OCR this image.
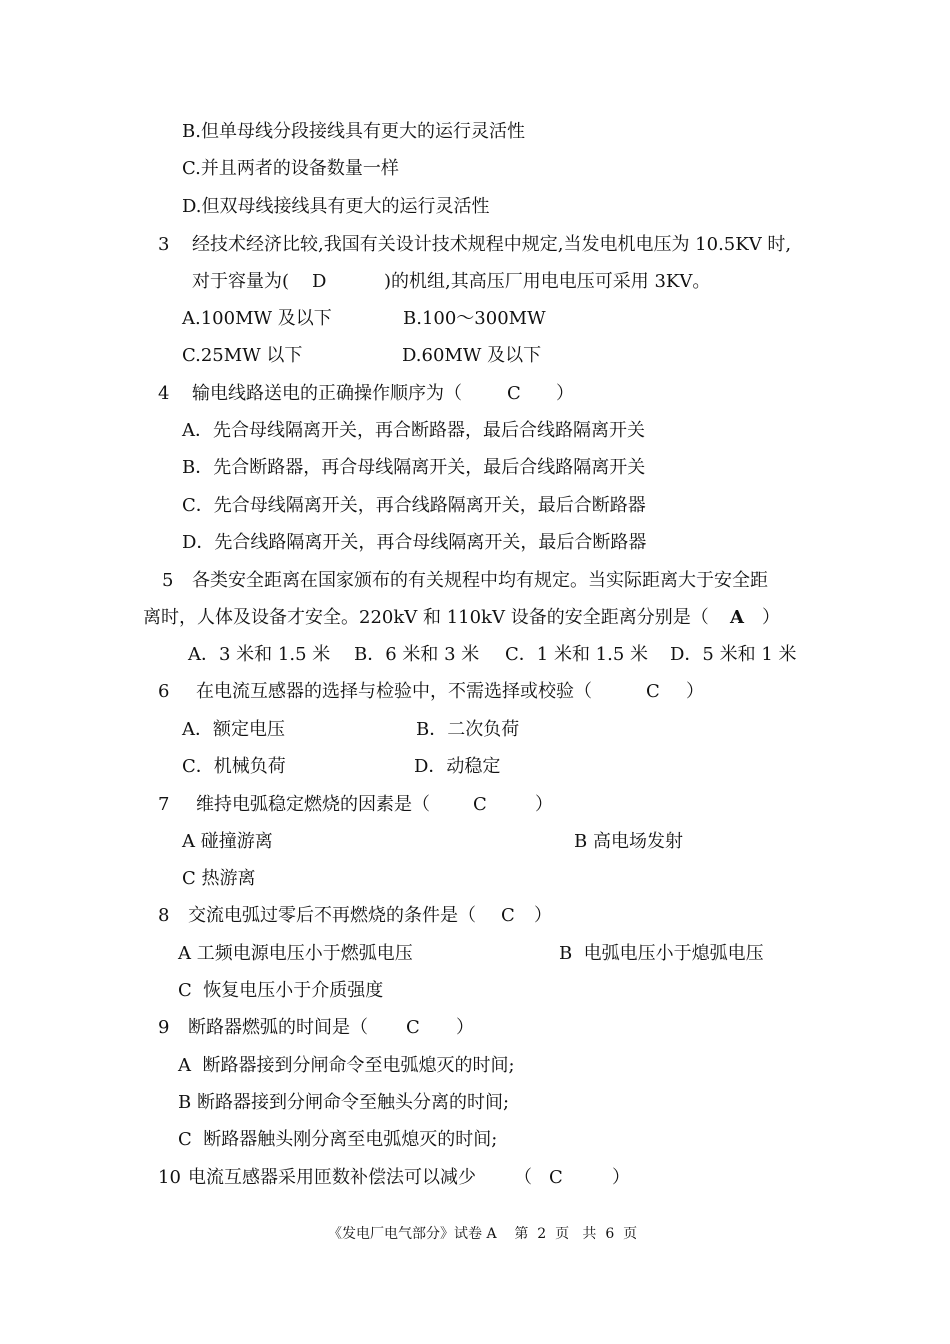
B.但单母线分段接线具有更大的运行灵活性
C.并且两者的设备数量一样
D.但双母线接线具有更大的运行灵活性
3 经技术经济比较,我国有关设计技术规程中规定,当发电机电压为 10.5KV 时,
对于容量为( D	)的机组,其高压厂用电电压可采用 3KV。
A.100MW 及以下	B.100～300MW
C.25MW 以下	D.60MW 及以下
4 输电线路送电的正确操作顺序为（	C ）
A．先合母线隔离开关，再合断路器，最后合线路隔离开关
B．先合断路器，再合母线隔离开关，最后合线路隔离开关
C．先合母线隔离开关，再合线路隔离开关，最后合断路器
D．先合线路隔离开关，再合母线隔离开关，最后合断路器
5 各类安全距离在国家颁布的有关规程中均有规定。当实际距离大于安全距
离时，人体及设备才安全。220kV 和 110kV 设备的安全距离分别是（ A ）
A．3 米和 1.5 米 B．6 米和 3 米 C．1 米和 1.5 米 D．5 米和 1 米
6 在电流互感器的选择与检验中，不需选择或校验（	C ）
A．额定电压	B．二次负荷
C．机械负荷	D．动稳定
7 维持电弧稳定燃烧的因素是（ C	）
A 碰撞游离	B 高电场发射
C 热游离
8 交流电弧过零后不再燃烧的条件是（ C ）
A 工频电源电压小于燃弧电压	B  电弧电压小于熄弧电压
C  恢复电压小于介质强度
9 断路器燃弧的时间是（ C ）
A  断路器接到分闸命令至电弧熄灭的时间;
B 断路器接到分闸命令至触头分离的时间;
C  断路器触头刚分离至电弧熄灭的时间;
10 电流互感器采用匝数补偿法可以减少 （ C	）
《发电厂电气部分》试卷 A    第  2  页   共  6  页
